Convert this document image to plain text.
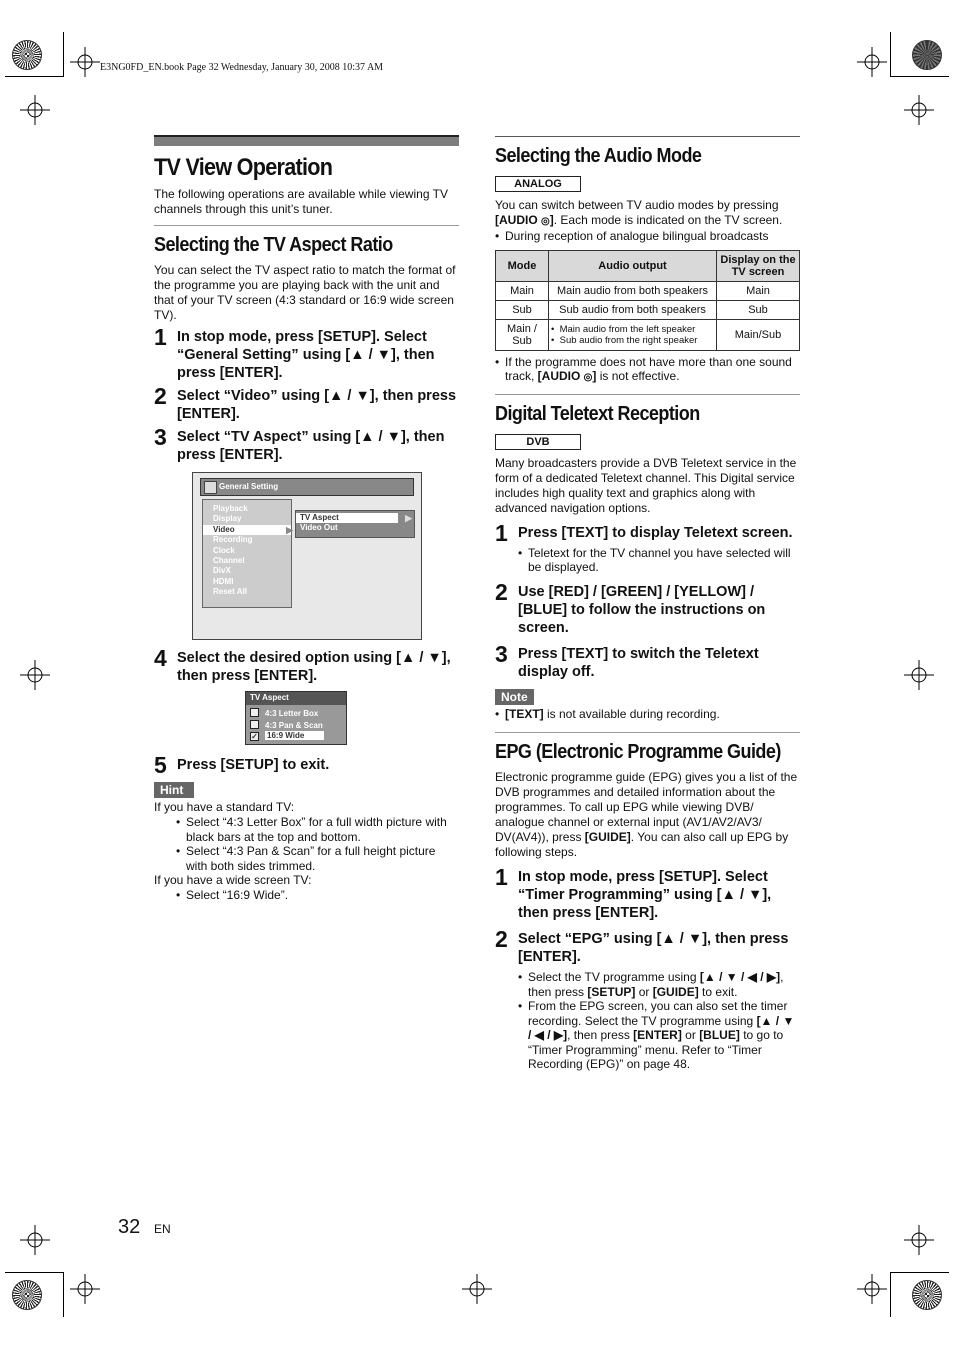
E3NG0FD_EN.book Page 32 Wednesday, January 30, 2008 10:37 AM
TV View Operation

The following operations are available while viewing TV channels through this unit’s tuner.

Selecting the TV Aspect Ratio

You can select the TV aspect ratio to match the format of the programme you are playing back with the unit and that of your TV screen (4:3 standard or 16:9 wide screen TV).

1 In stop mode, press [SETUP]. Select “General Setting” using [▲ / ▼], then press [ENTER].
2 Select “Video” using [▲ / ▼], then press [ENTER].
3 Select “TV Aspect” using [▲ / ▼], then press [ENTER].
General Setting
Playback
Display
Video	▶
Recording
Clock
Channel
DivX
HDMI
Reset All
TV Aspect	▶
Video Out
4 Select the desired option using [▲ / ▼], then press [ENTER].
TV Aspect
4:3 Letter Box
4:3 Pan & Scan
✓ 16:9 Wide
5 Press [SETUP] to exit.
Hint

If you have a standard TV:

• Select “4:3 Letter Box” for a full width picture with black bars at the top and bottom.
• Select “4:3 Pan & Scan” for a full height picture with both sides trimmed.

If you have a wide screen TV:

• Select “16:9 Wide”.
Selecting the Audio Mode
ANALOG

You can switch between TV audio modes by pressing [AUDIO ◎]. Each mode is indicated on the TV screen.

• During reception of analogue bilingual broadcasts
Mode	Audio output	Display on the TV screen
Main	Main audio from both speakers	Main
Sub	Sub audio from both speakers	Sub
Main / Sub	•  Main audio from the left speaker
•  Sub audio from the right speaker	Main/Sub
• If the programme does not have more than one sound track, [AUDIO ◎] is not effective.
Digital Teletext Reception
DVB

Many broadcasters provide a DVB Teletext service in the form of a dedicated Teletext channel. This Digital service includes high quality text and graphics along with advanced navigation options.

1 Press [TEXT] to display Teletext screen.
• Teletext for the TV channel you have selected will be displayed.
2 Use [RED] / [GREEN] / [YELLOW] / [BLUE] to follow the instructions on screen.
3 Press [TEXT] to switch the Teletext display off.
Note
• [TEXT] is not available during recording.
EPG (Electronic Programme Guide)

Electronic programme guide (EPG) gives you a list of the DVB programmes and detailed information about the programmes. To call up EPG while viewing DVB/ analogue channel or external input (AV1/AV2/AV3/ DV(AV4)), press [GUIDE]. You can also call up EPG by following steps.

1 In stop mode, press [SETUP]. Select “Timer Programming” using [▲ / ▼], then press [ENTER].
2 Select “EPG” using [▲ / ▼], then press [ENTER].
• Select the TV programme using [▲ / ▼ / ◀ / ▶], then press [SETUP] or [GUIDE] to exit.
• From the EPG screen, you can also set the timer recording. Select the TV programme using [▲ / ▼ / ◀ / ▶], then press [ENTER] or [BLUE] to go to “Timer Programming” menu. Refer to “Timer Recording (EPG)” on page 48.
32 EN
